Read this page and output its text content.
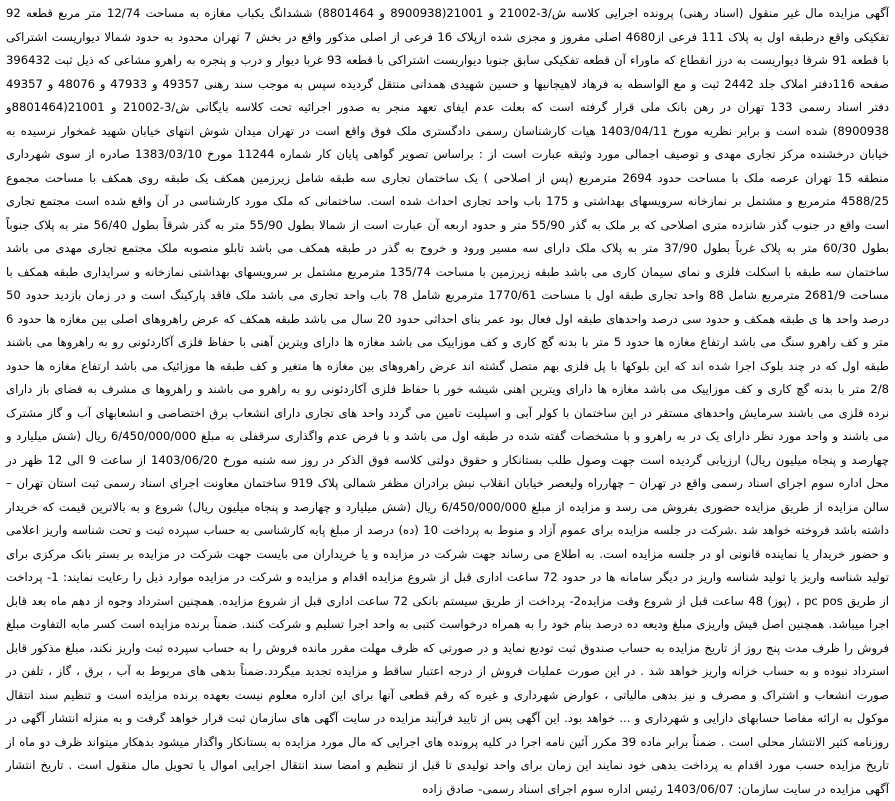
آگهی مزایده مال غیر منقول (اسناد رهنی) پرونده اجرایی کلاسه ش/3-21002 و 21001(8900938 و 8801464) ششدانگ یکباب مغازه به مساحت 12/74 متر مربع قطعه 92 تفکیکی واقع درطبقه اول به پلاک 111 فرعی از4680 اصلی مفروز و مجزی شده ازپلاک 16 فرعی از اصلی مذکور واقع در بخش 7 تهران محدود به حدود شمالا دیواریست اشتراکی با قطعه 91 شرقا دیواریست به درز انقطاع که ماوراء آن قطعه تفکیکی سابق جنوبا دیواریست اشتراکی با قطعه 93 غربا دیوار و درب و پنجره به راهرو مشاعی که ذیل ثبت 396432 صفحه 116دفتر املاک جلد 2442 ثبت و مع الواسطه به فرهاد لاهیجانیها و حسین شهیدی همدانی منتقل گردیده سپس به موجب سند رهنی 49357 و 47933 و 48076 و 49357 دفتر اسناد رسمی 133 تهران در رهن بانک ملی قرار گرفته است که بعلت عدم ایفای تعهد منجر به صدور اجرائیه تحت کلاسه بایگانی ش/3-21002 و 21001(8801464و 8900938) شده است و برابر نظریه مورخ 1403/04/11 هیات کارشناسان رسمی دادگستری ملک فوق واقع است در تهران میدان شوش انتهای خیابان شهید غمخوار نرسیده به خیابان درخشنده مرکز تجاری مهدی و توصیف اجمالی مورد وثیقه عبارت است از : براساس تصویر گواهی پایان کار شماره 11244 مورخ 1383/03/10 صادره از سوی شهرداری منطقه 15 تهران عرصه ملک با مساحت حدود 2694 مترمربع (پس از اصلاحی ) یک ساختمان تجاری سه طبقه شامل زیرزمین همکف یک طبقه روی همکف با مساحت مجموع 4588/25 مترمربع و مشتمل بر نمازخانه سرویسهای بهداشتی و 175 باب واحد تجاری احداث شده است. ساختمانی که ملک مورد کارشناسی در آن واقع شده است مجتمع تجاری است واقع در جنوب گذر شانزده متری اصلاحی که بر ملک به گذر 55/90 متر و حدود اربعه آن عبارت است از شمالا بطول 55/90 متر به گذر شرقاً بطول 56/40 متر به پلاک جنوباً بطول 60/30 متر به پلاک غرباً بطول 37/90 متر به پلاک ملک دارای سه مسیر ورود و خروج به گذر در طبقه همکف می باشد تابلو منصوبه ملک مجتمع تجاری مهدی می باشد ساختمان سه طبقه با اسکلت فلزی و نمای سیمان کاری می باشد طبقه زیرزمین با مساحت 135/74 مترمربع مشتمل بر سرویسهای بهداشتی نمازخانه و سرایداری طبقه همکف با مساحت 2681/9 مترمربع شامل 88 واحد تجاری طبقه اول با مساحت 1770/61 مترمربع شامل 78 باب واحد تجاری می باشد ملک فاقد پارکینگ است و در زمان بازدید حدود 50 درصد واحد ها ی طبقه همکف و حدود سی درصد واحدهای طبقه اول فعال بود عمر بنای احداثی حدود 20 سال می باشد طبقه همکف که عرض راهروهای اصلی بین مغازه ها حدود 6 متر و کف راهرو سنگ می باشد ارتفاع مغازه ها حدود 5 متر با بدنه گچ کاری و کف موزاییک می باشد مغازه ها دارای ویترین آهنی با حفاظ فلزی آکاردئونی رو به راهروها می باشند طبقه اول که در چند بلوک اجرا شده اند که این بلوکها با پل فلزی بهم متصل گشته اند عرض راهروهای بین مغازه ها متغیر و کف طبقه ها موزائیک می باشد ارتفاع مغازه ها حدود 2/8 متر با بدنه گچ کاری و کف موزاییک می باشد مغازه ها دارای ویترین اهنی شیشه خور با حفاظ فلزی آکاردئونی رو به راهرو می باشند و راهروها ی مشرف به فضای باز دارای نرده فلزی می باشند سرمایش واحدهای مستقر در این ساختمان با کولر آبی و اسپلیت تامین می گردد واحد های تجاری دارای انشعاب برق اختصاصی و انشعابهای آب و گاز مشترک می باشند و واحد مورد نظر دارای یک در به راهرو و با مشخصات گفته شده در طبقه اول می باشد و با فرض عدم واگذاری سرقفلی به مبلغ 6/450/000/000 ریال (شش میلیارد و چهارصد و پنجاه میلیون ریال) ارزیابی گردیده است جهت وصول طلب بستانکار و حقوق دولتی کلاسه فوق الذکر در روز سه شنبه مورخ 1403/06/20 از ساعت 9 الی 12 ظهر در محل اداره سوم اجرای اسناد رسمی واقع در تهران – چهارراه ولیعصر خیابان انقلاب نبش برادران مظفر شمالی پلاک 919 ساختمان معاونت اجرای اسناد رسمی ثبت استان تهران – سالن مزایده از طریق مزایده حضوری بفروش می رسد و مزایده از مبلغ 6/450/000/000 ریال (شش میلیارد و چهارصد و پنجاه میلیون ریال) شروع و به بالاترین قیمت که خریدار داشته باشد فروخته خواهد شد .شرکت در جلسه مزایده برای عموم آزاد و منوط به پرداخت 10 (ده) درصد از مبلغ پایه کارشناسی به حساب سپرده ثبت و تحت شناسه واریز اعلامی و حضور خریدار یا نماینده قانونی او در جلسه مزایده است. به اطلاع می رساند جهت شرکت در مزایده و یا خریداران می بایست جهت شرکت در مزایده بر بستر بانک مرکزی برای تولید شناسه واریز یا تولید شناسه واریز در دیگر سامانه ها در حدود 72 ساعت اداری قبل از شروع مزایده اقدام و مزایده و شرکت در مزایده موارد ذیل را رعایت نمایند: 1- پرداخت از طریق pc pos ، (پوز) 48 ساعت قبل از شروع وقت مزایده2- پرداخت از طریق سیستم بانکی 72 ساعت اداری قبل از شروع مزایده. همچنین استرداد وجوه از دهم ماه بعد قابل اجرا میباشد. همچنین اصل فیش واریزی مبلغ ودیعه ده درصد بنام خود را به همراه درخواست کتبی به واحد اجرا تسلیم و شرکت کنند. ضمناً برنده مزایده است کسر مابه التفاوت مبلغ فروش را ظرف مدت پنج روز از تاریخ مزایده به حساب صندوق ثبت تودیع نماید و در صورتی که ظرف مهلت مقرر مانده فروش را به حساب سپرده ثبت واریز نکند، مبلغ مذکور قابل استرداد نبوده و به حساب خزانه واریز خواهد شد . در این صورت عملیات فروش از درجه اعتبار ساقط و مزایده تجدید میگردد.ضمناً بدهی های مربوط به آب ، برق ، گاز ، تلفن در صورت انشعاب و اشتراک و مصرف و نیز بدهی مالیاتی ، عوارض شهرداری و غیره که رقم قطعی آنها برای این اداره معلوم نیست بعهده برنده مزایده است و تنظیم سند انتقال موکول به ارائه مفاصا حسابهای دارایی و شهرداری و ... خواهد بود. این آگهی پس از تایید فرآیند مزایده در سایت آگهی های سازمان ثبت قرار خواهد گرفت و به منزله انتشار آگهی در روزنامه کثیر الانتشار محلی است . ضمناً برابر ماده 39 مکرر آئین نامه اجرا در کلیه پرونده های اجرایی که مال مورد مزایده به بستانکار واگذار میشود بدهکار میتواند ظرف دو ماه از تاریخ مزایده حسب مورد اقدام به پرداخت بدهی خود نمایند این زمان برای واحد تولیدی تا قبل از تنظیم و امضا سند انتقال اجرایی اموال یا تحویل مال منقول است . تاریخ انتشار آگهی مزایده در سایت سازمان: 1403/06/07 رئیس اداره سوم اجرای اسناد رسمی- صادق زاده
